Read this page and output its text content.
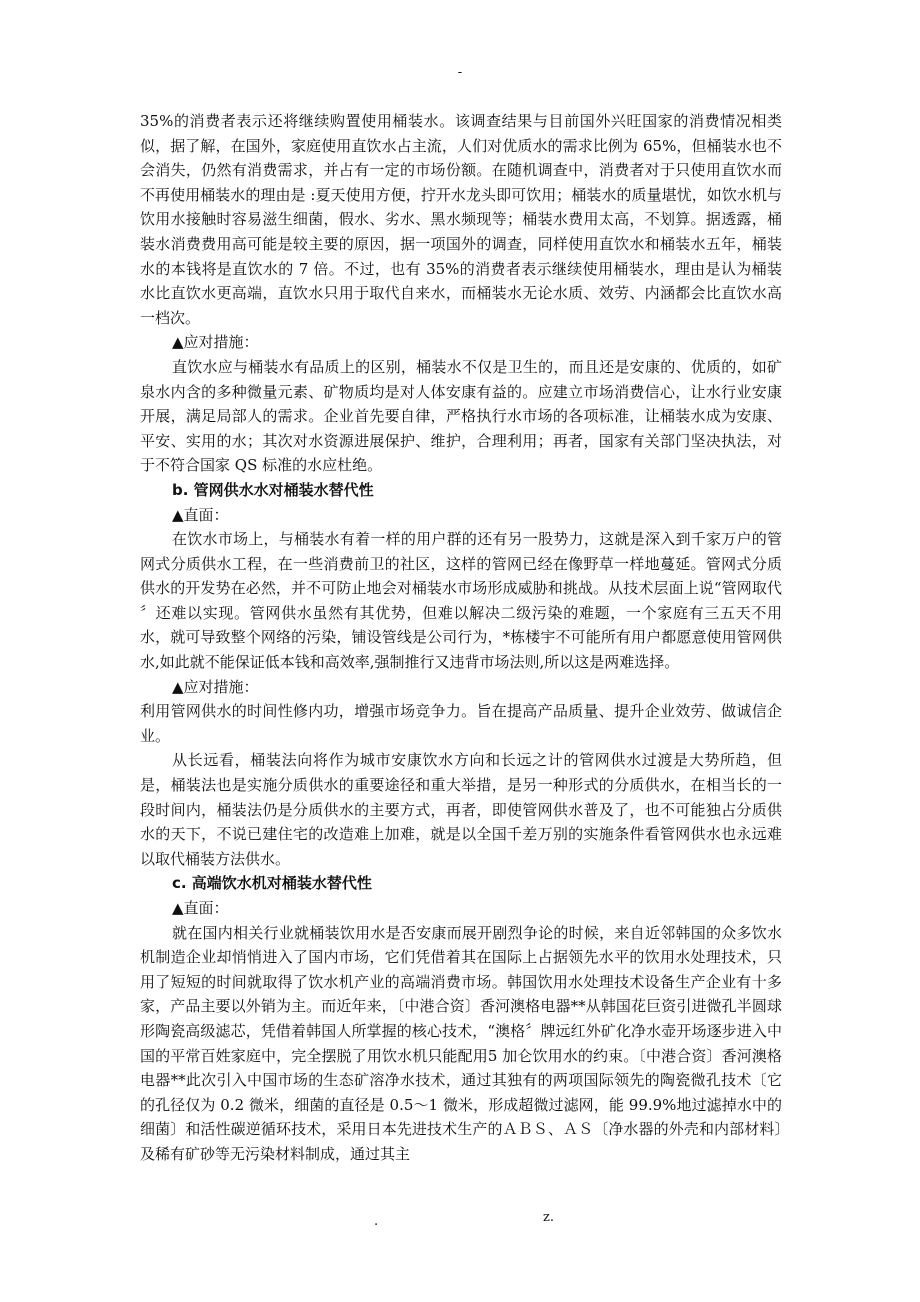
-

35%的消费者表示还将继续购置使用桶装水。该调查结果与目前国外兴旺国家的消费情况相类似，据了解，在国外，家庭使用直饮水占主流，人们对优质水的需求比例为 65%，但桶装水也不会消失，仍然有消费需求，并占有一定的市场份额。在随机调查中，消费者对于只使用直饮水而不再使用桶装水的理由是 :夏天使用方便，拧开水龙头即可饮用；桶装水的质量堪忧，如饮水机与饮用水接触时容易滋生细菌，假水、劣水、黑水频现等；桶装水费用太高，不划算。据透露，桶装水消费费用高可能是较主要的原因，据一项国外的调查，同样使用直饮水和桶装水五年，桶装水的本钱将是直饮水的 7 倍。不过，也有 35%的消费者表示继续使用桶装水，理由是认为桶装水比直饮水更高端，直饮水只用于取代自来水，而桶装水无论水质、效劳、内涵都会比直饮水高一档次。

▲应对措施：

直饮水应与桶装水有品质上的区别，桶装水不仅是卫生的，而且还是安康的、优质的，如矿泉水内含的多种微量元素、矿物质均是对人体安康有益的。应建立市场消费信心，让水行业安康开展，满足局部人的需求。企业首先要自律，严格执行水市场的各项标准，让桶装水成为安康、平安、实用的水；其次对水资源进展保护、维护，合理利用；再者，国家有关部门坚决执法，对于不符合国家 QS 标准的水应杜绝。

b. 管网供水水对桶装水替代性

▲直面：

在饮水市场上，与桶装水有着一样的用户群的还有另一股势力，这就是深入到千家万户的管网式分质供水工程，在一些消费前卫的社区，这样的管网已经在像野草一样地蔓延。管网式分质供水的开发势在必然，并不可防止地会对桶装水市场形成威胁和挑战。从技术层面上说“管网取代 〞还难以实现。管网供水虽然有其优势，但难以解决二级污染的难题，一个家庭有三五天不用水，就可导致整个网络的污染，铺设管线是公司行为，*栋楼宇不可能所有用户都愿意使用管网供水,如此就不能保证低本钱和高效率,强制推行又违背市场法则,所以这是两难选择。

▲应对措施：

利用管网供水的时间性修内功，增强市场竞争力。旨在提高产品质量、提升企业效劳、做诚信企业。

从长远看，桶装法向将作为城市安康饮水方向和长远之计的管网供水过渡是大势所趋，但是，桶装法也是实施分质供水的重要途径和重大举措，是另一种形式的分质供水，在相当长的一段时间内，桶装法仍是分质供水的主要方式，再者，即使管网供水普及了，也不可能独占分质供水的天下，不说已建住宅的改造难上加难，就是以全国千差万别的实施条件看管网供水也永远难以取代桶装方法供水。

c. 高端饮水机对桶装水替代性

▲直面：

就在国内相关行业就桶装饮用水是否安康而展开剧烈争论的时候，来自近邻韩国的众多饮水机制造企业却悄悄进入了国内市场，它们凭借着其在国际上占据领先水平的饮用水处理技术，只用了短短的时间就取得了饮水机产业的高端消费市场。韩国饮用水处理技术设备生产企业有十多家，产品主要以外销为主。而近年来，〔中港合资〕香河澳格电器**从韩国花巨资引进微孔半圆球形陶瓷高级滤芯，凭借着韩国人所掌握的核心技术，“澳格〞牌远红外矿化净水壶开场逐步进入中国的平常百姓家庭中，完全摆脱了用饮水机只能配用5 加仑饮用水的约束。〔中港合资〕香河澳格电器**此次引入中国市场的生态矿溶净水技术，通过其独有的两项国际领先的陶瓷微孔技术〔它的孔径仅为 0.2 微米，细菌的直径是 0.5～1 微米，形成超微过滤网，能 99.9%地过滤掉水中的细菌〕和活性碳逆循环技术，采用日本先进技术生产的ＡＢＳ、ＡＳ〔净水器的外壳和内部材料〕及稀有矿砂等无污染材料制成，通过其主

.	z.
